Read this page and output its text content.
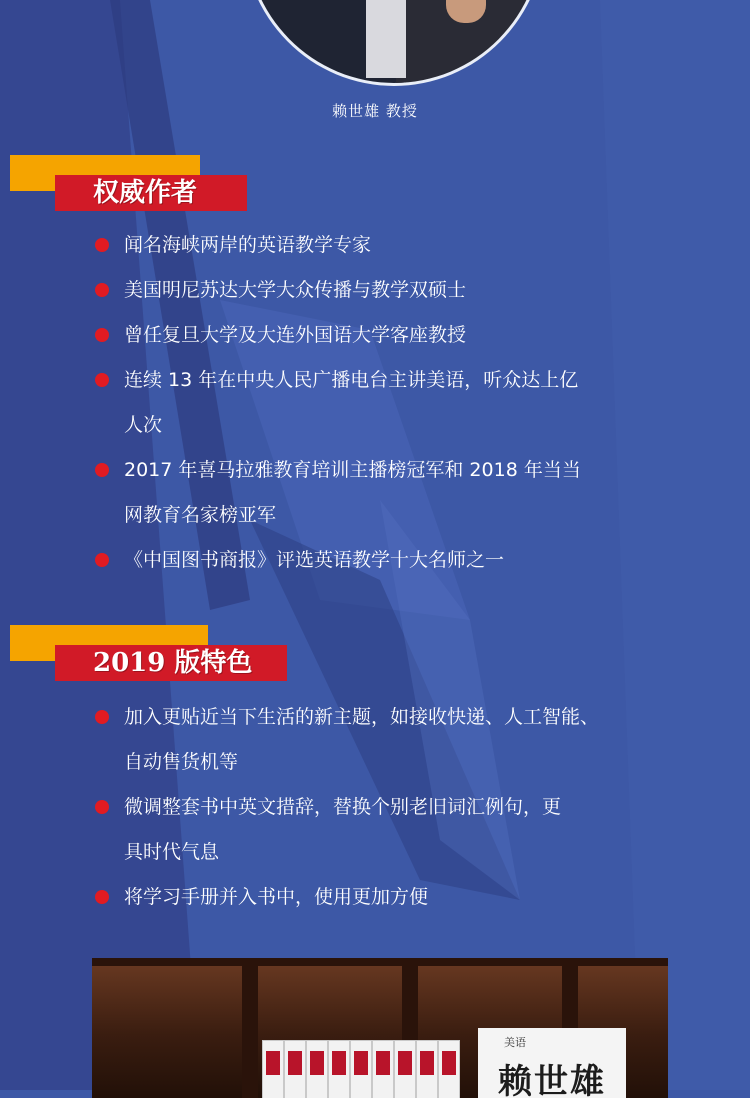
赖世雄 教授
权威作者
闻名海峡两岸的英语教学专家
美国明尼苏达大学大众传播与教学双硕士
曾任复旦大学及大连外国语大学客座教授
连续 13 年在中央人民广播电台主讲美语，听众达上亿
人次
2017 年喜马拉雅教育培训主播榜冠军和 2018 年当当
网教育名家榜亚军
《中国图书商报》评选英语教学十大名师之一
2019 版特色
加入更贴近当下生活的新主题，如接收快递、人工智能、
自动售货机等
微调整套书中英文措辞，替换个别老旧词汇例句，更
具时代气息
将学习手册并入书中，使用更加方便
美语
赖世雄
